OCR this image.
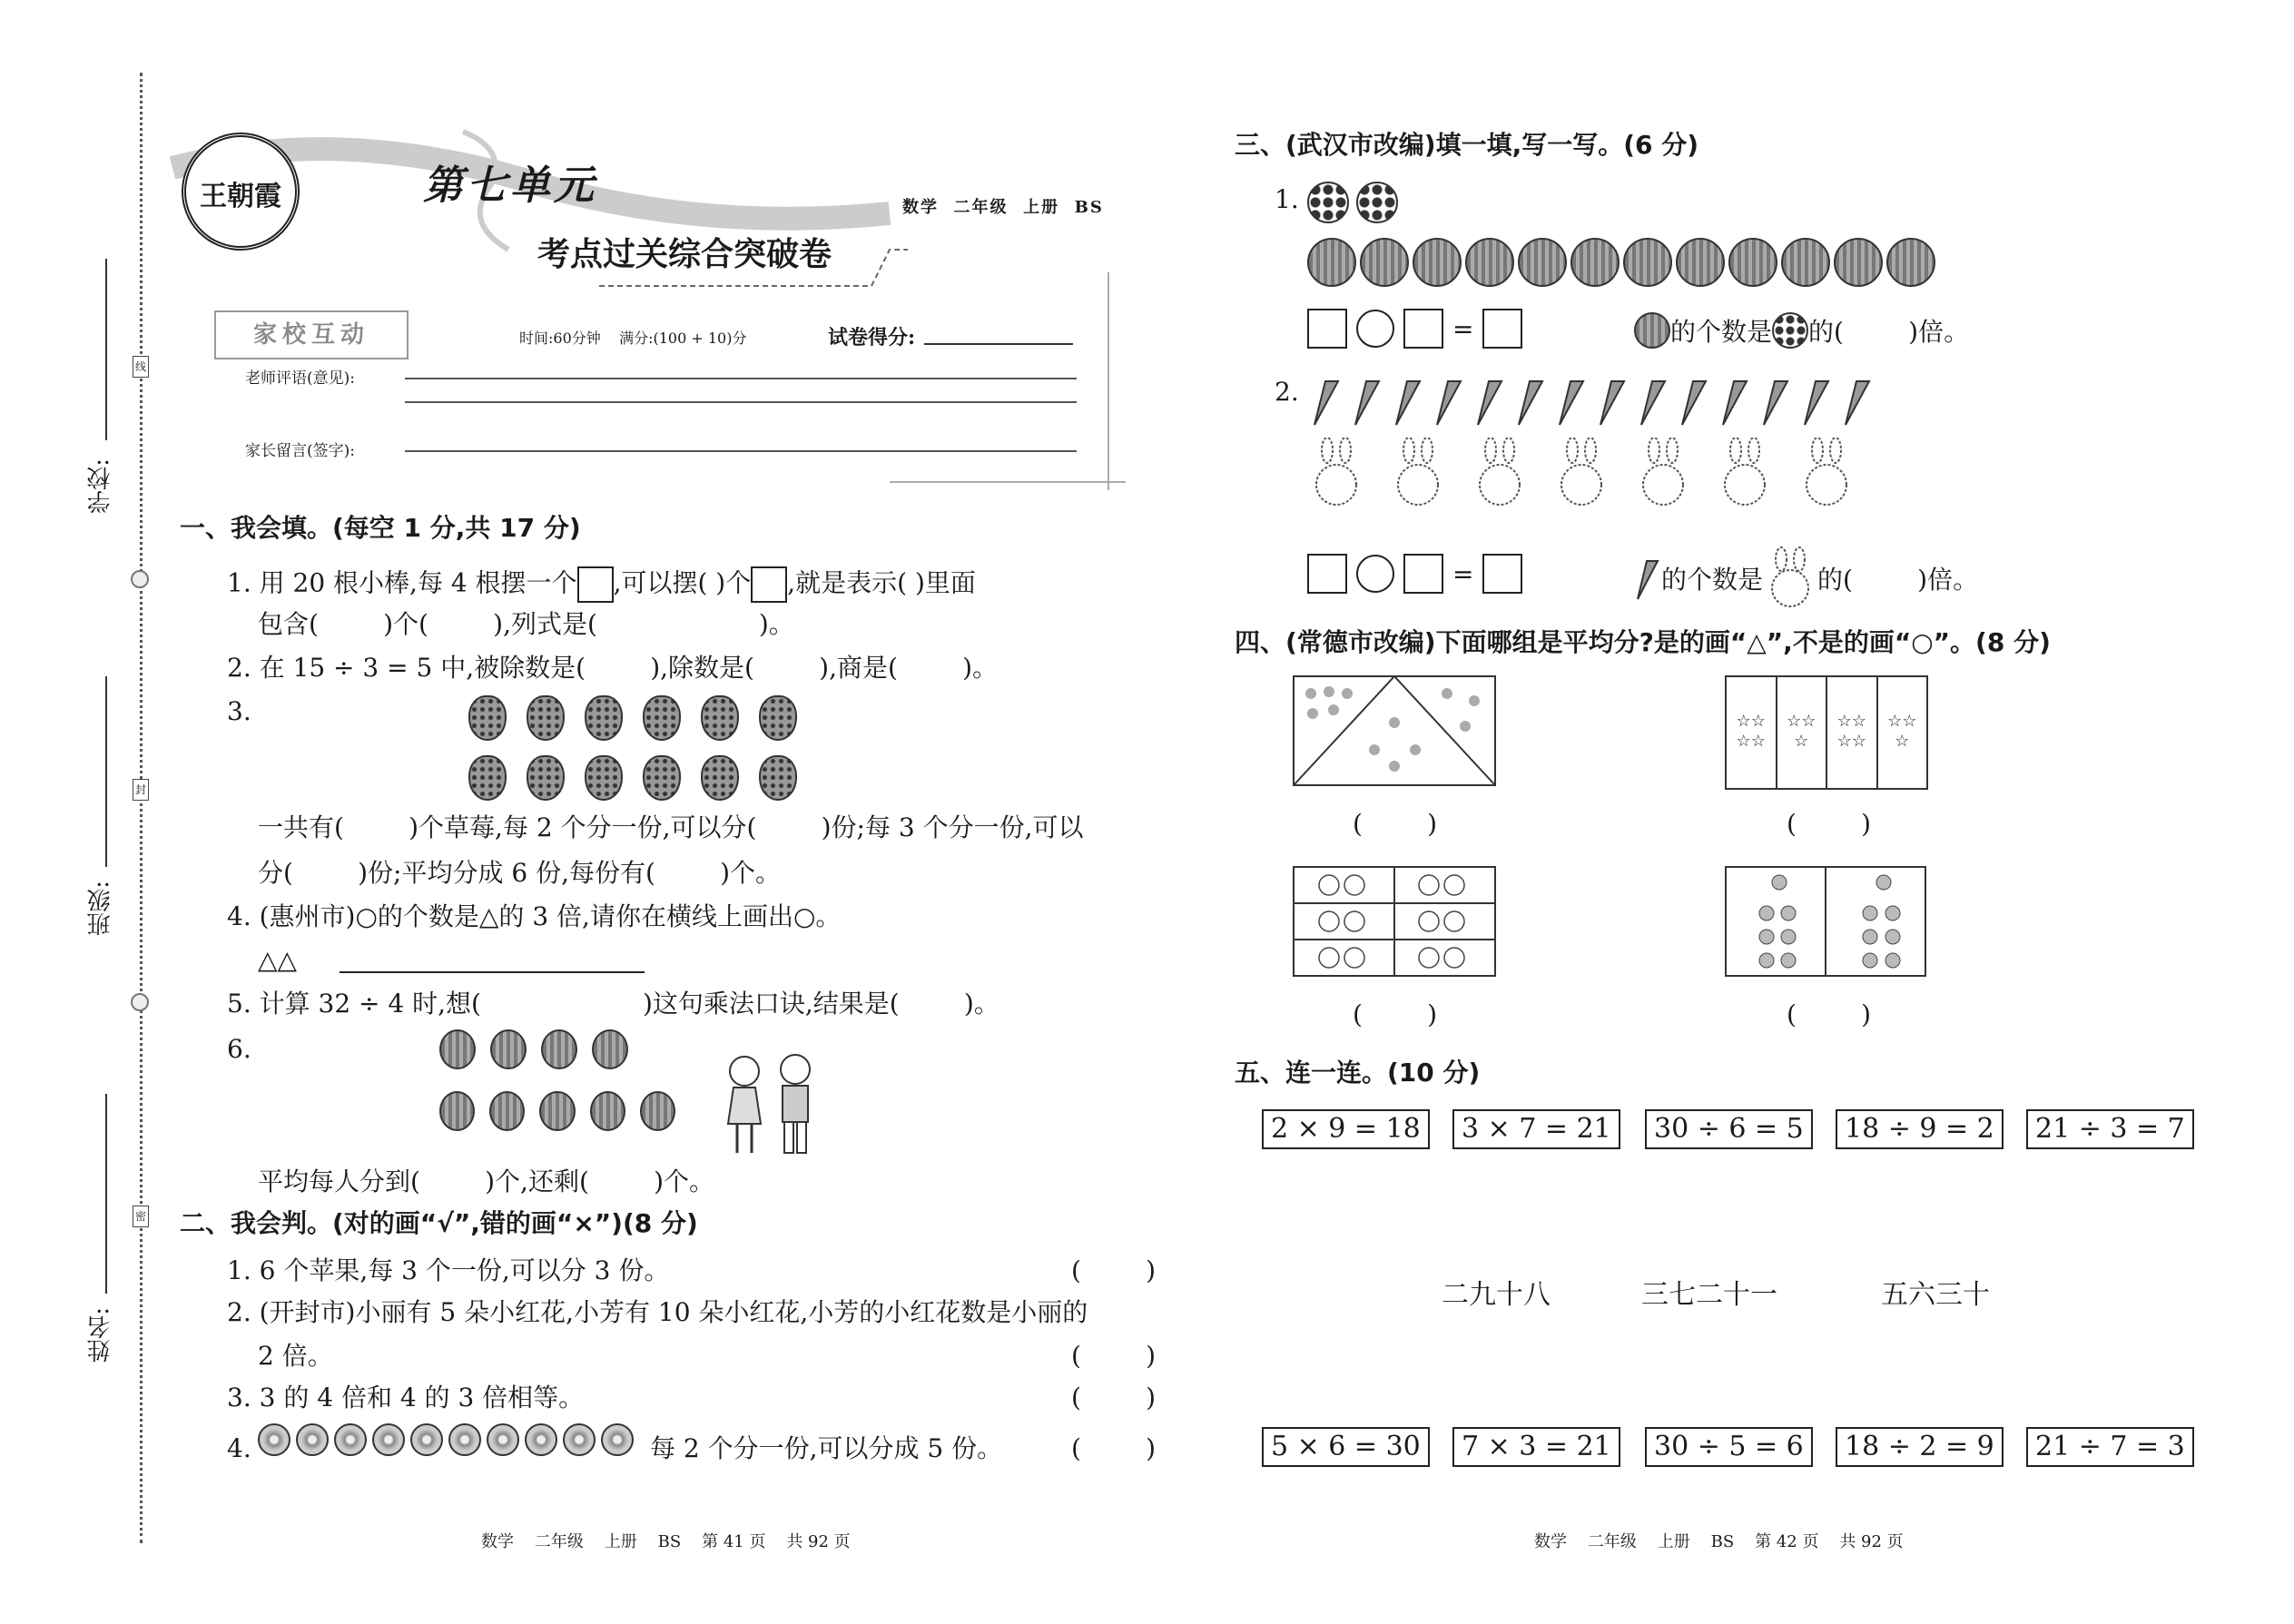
线
封
密
学校:
班级:
姓名:
王朝霞	第七单元
考点过关综合突破卷
数学  二年级  上册  BS
家校互动	时间:60分钟    满分:(100 + 10)分	试卷得分:
老师评语(意见):
家长留言(签字):
一、我会填。(每空 1 分,共 17 分)
1. 用 20 根小棒,每 4 根摆一个 ,可以摆( )个 ,就是表示( )里面
包含(        )个(        ),列式是(                    )。
2. 在 15 ÷ 3 = 5 中,被除数是(        ),除数是(        ),商是(        )。
3.
一共有(        )个草莓,每 2 个分一份,可以分(        )份;每 3 个分一份,可以
分(        )份;平均分成 6 份,每份有(        )个。
4. (惠州市)○的个数是△的 3 倍,请你在横线上画出○。
△△
5. 计算 32 ÷ 4 时,想(                    )这句乘法口诀,结果是(        )。
6.
平均每人分到(        )个,还剩(        )个。
二、我会判。(对的画“√”,错的画“×”)(8 分)
1. 6 个苹果,每 3 个一份,可以分 3 份。	(        )
2. (开封市)小丽有 5 朵小红花,小芳有 10 朵小红花,小芳的小红花数是小丽的
2 倍。	(        )
3. 3 的 4 倍和 4 的 3 倍相等。	(        )
4.	每 2 个分一份,可以分成 5 份。	(        )
三、(武汉市改编)填一填,写一写。(6 分)
1.
=	的个数是 的(        )倍。
2.
=	的个数是 的(        )倍。
四、(常德市改编)下面哪组是平均分?是的画“△”,不是的画“○”。(8 分)
(        )
☆☆
☆☆
☆☆
☆
☆☆
☆☆
☆☆
☆
(        )
(        )	(        )
五、连一连。(10 分)
2 × 9 = 18	3 × 7 = 21	30 ÷ 6 = 5	18 ÷ 9 = 2	21 ÷ 3 = 7
二九十八	三七二十一	五六三十
5 × 6 = 30	7 × 3 = 21	30 ÷ 5 = 6	18 ÷ 2 = 9	21 ÷ 7 = 3
数学    二年级    上册    BS    第 41 页    共 92 页	数学    二年级    上册    BS    第 42 页    共 92 页
